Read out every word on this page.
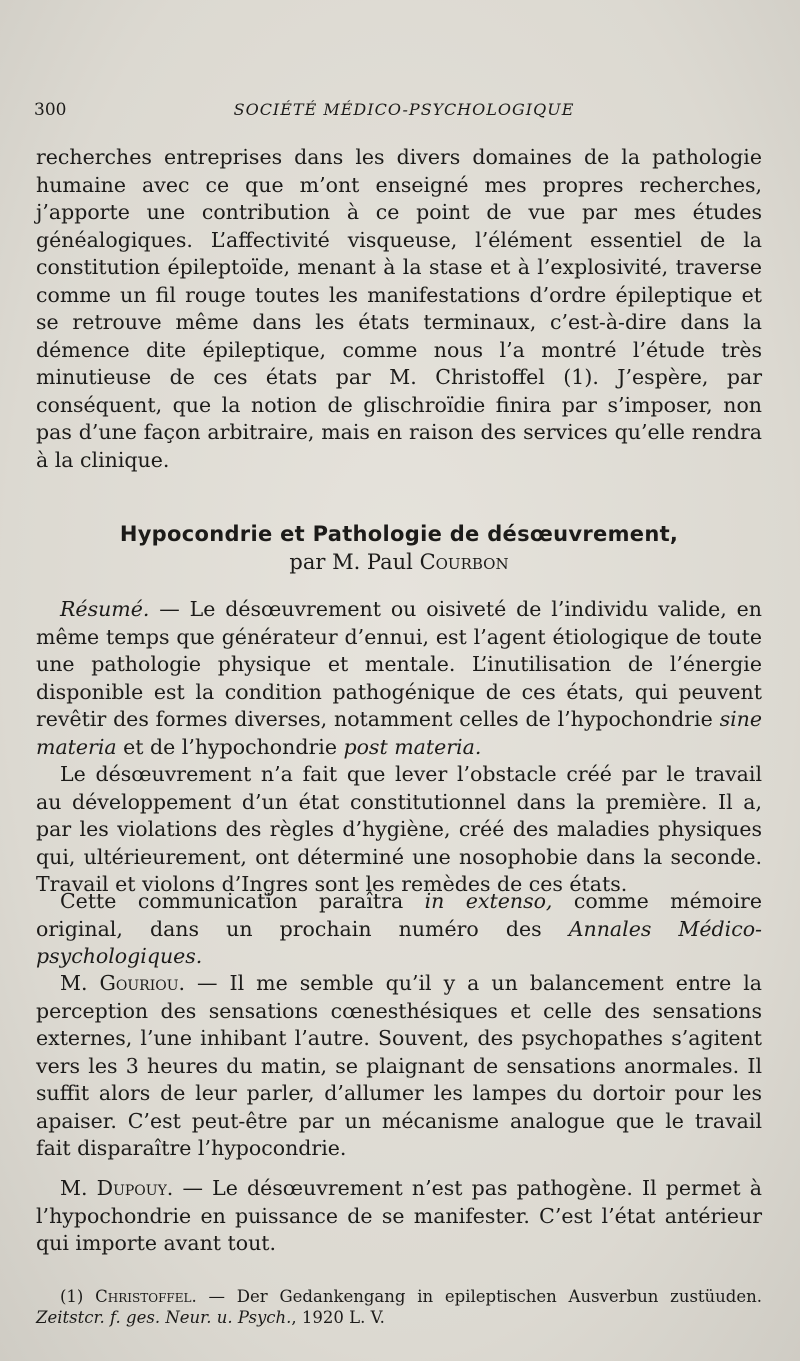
300	SOCIÉTÉ MÉDICO-PSYCHOLOGIQUE

recherches entreprises dans les divers domaines de la pathologie humaine avec ce que m’ont enseigné mes propres recherches, j’apporte une contribution à ce point de vue par mes études généalogiques. L’affectivité visqueuse, l’élément essentiel de la constitution épileptoïde, menant à la stase et à l’explosivité, traverse comme un fil rouge toutes les manifestations d’ordre épileptique et se retrouve même dans les états terminaux, c’est-à-dire dans la démence dite épileptique, comme nous l’a montré l’étude très minutieuse de ces états par M. Christoffel (1). J’espère, par conséquent, que la notion de glischroïdie finira par s’imposer, non pas d’une façon arbitraire, mais en raison des services qu’elle rendra à la clinique.

Hypocondrie et Pathologie de désœuvrement,
par M. Paul Courbon

Résumé. — Le désœuvrement ou oisiveté de l’individu valide, en même temps que générateur d’ennui, est l’agent étiologique de toute une pathologie physique et mentale. L’inutilisation de l’énergie disponible est la condition pathogénique de ces états, qui peuvent revêtir des formes diverses, notamment celles de l’hypochondrie sine materia et de l’hypochondrie post materia.

Le désœuvrement n’a fait que lever l’obstacle créé par le travail au développement d’un état constitutionnel dans la première. Il a, par les violations des règles d’hygiène, créé des maladies physiques qui, ultérieurement, ont déterminé une nosophobie dans la seconde. Travail et violons d’Ingres sont les remèdes de ces états.

Cette communication paraîtra in extenso, comme mémoire original, dans un prochain numéro des Annales Médico-psychologiques.

M. Gouriou. — Il me semble qu’il y a un balancement entre la perception des sensations cœnesthésiques et celle des sensations externes, l’une inhibant l’autre. Souvent, des psychopathes s’agitent vers les 3 heures du matin, se plaignant de sensations anormales. Il suffit alors de leur parler, d’allumer les lampes du dortoir pour les apaiser. C’est peut-être par un mécanisme analogue que le travail fait disparaître l’hypocondrie.

M. Dupouy. — Le désœuvrement n’est pas pathogène. Il permet à l’hypochondrie en puissance de se manifester. C’est l’état antérieur qui importe avant tout.

(1) Christoffel. — Der Gedankengang in epileptischen Ausverbun zustüuden. Zeitstcr. f. ges. Neur. u. Psych., 1920 L. V.
